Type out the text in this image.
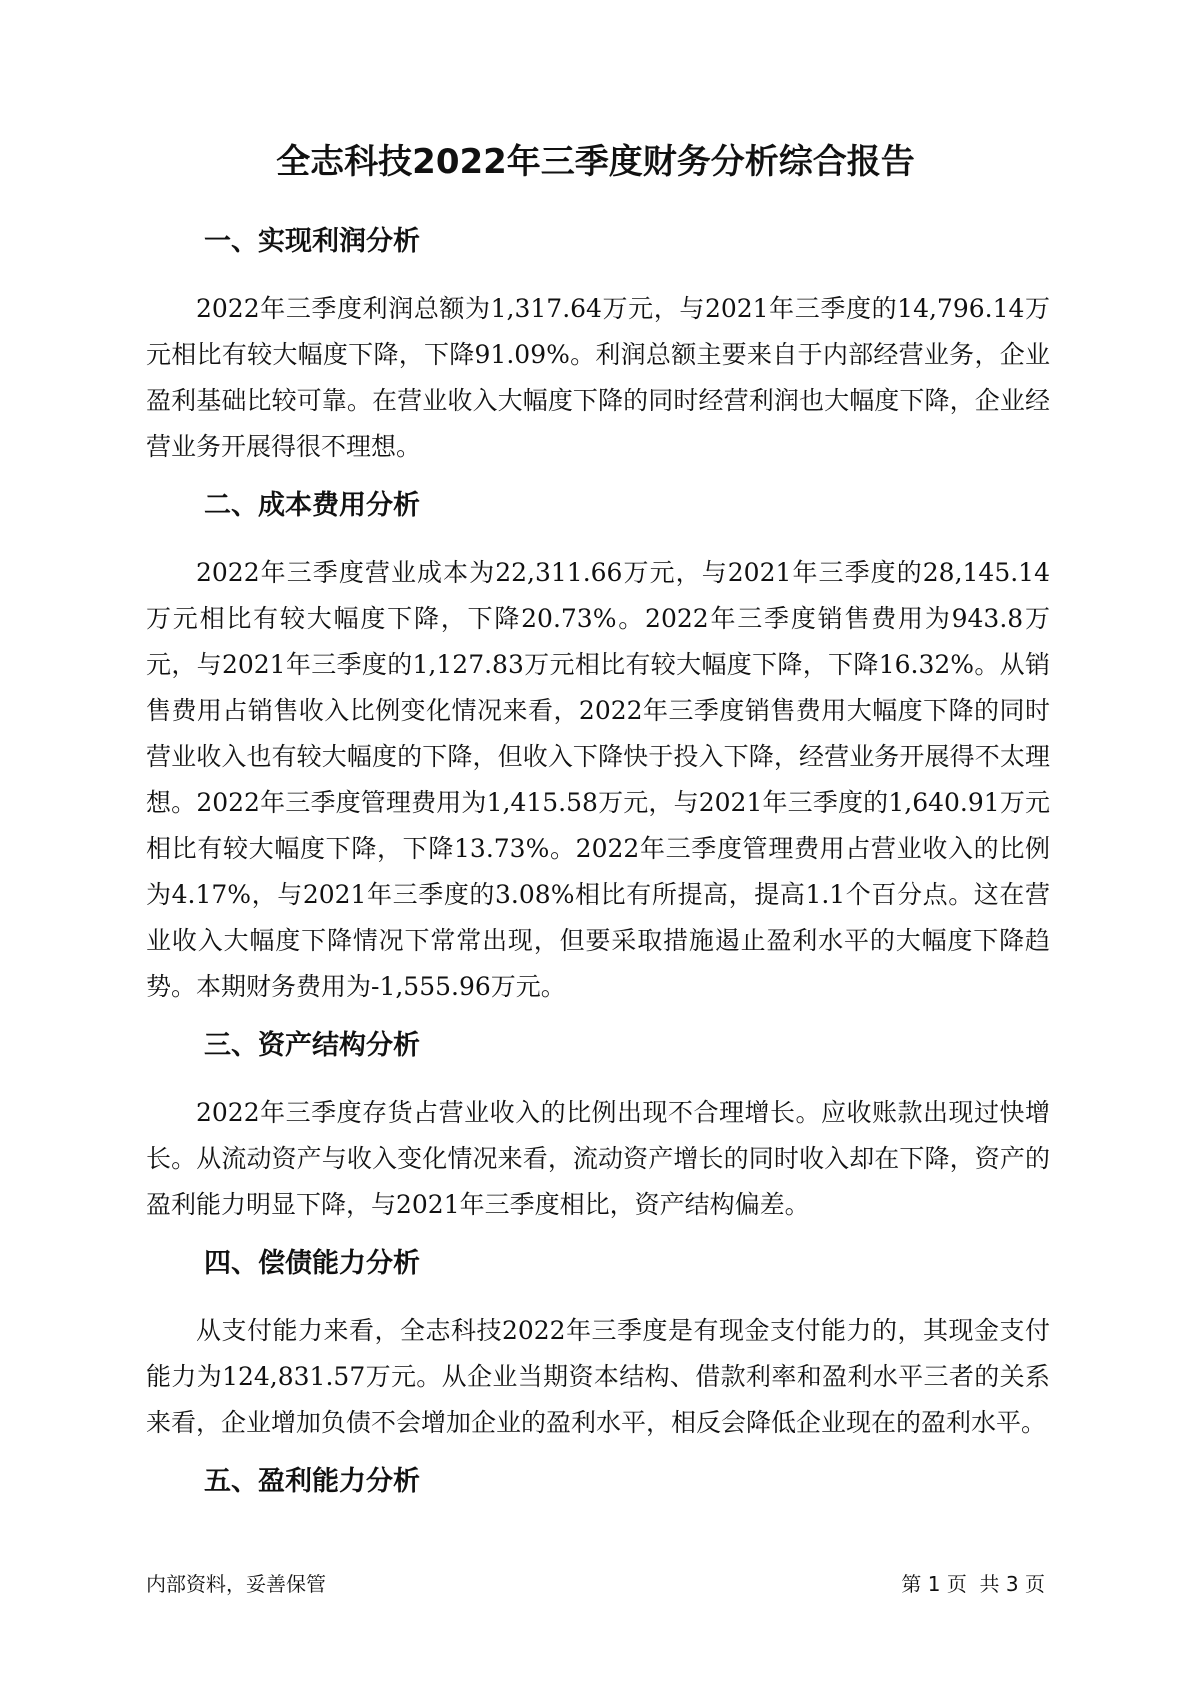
全志科技2022年三季度财务分析综合报告
一、实现利润分析

2022年三季度利润总额为1,317.64万元，与2021年三季度的14,796.14万元相比有较大幅度下降，下降91.09%。利润总额主要来自于内部经营业务，企业盈利基础比较可靠。在营业收入大幅度下降的同时经营利润也大幅度下降，企业经营业务开展得很不理想。

二、成本费用分析

2022年三季度营业成本为22,311.66万元，与2021年三季度的28,145.14万元相比有较大幅度下降，下降20.73%。2022年三季度销售费用为943.8万元，与2021年三季度的1,127.83万元相比有较大幅度下降，下降16.32%。从销售费用占销售收入比例变化情况来看，2022年三季度销售费用大幅度下降的同时营业收入也有较大幅度的下降，但收入下降快于投入下降，经营业务开展得不太理想。2022年三季度管理费用为1,415.58万元，与2021年三季度的1,640.91万元相比有较大幅度下降，下降13.73%。2022年三季度管理费用占营业收入的比例为4.17%，与2021年三季度的3.08%相比有所提高，提高1.1个百分点。这在营业收入大幅度下降情况下常常出现，但要采取措施遏止盈利水平的大幅度下降趋势。本期财务费用为-1,555.96万元。

三、资产结构分析

2022年三季度存货占营业收入的比例出现不合理增长。应收账款出现过快增长。从流动资产与收入变化情况来看，流动资产增长的同时收入却在下降，资产的盈利能力明显下降，与2021年三季度相比，资产结构偏差。

四、偿债能力分析

从支付能力来看，全志科技2022年三季度是有现金支付能力的，其现金支付能力为124,831.57万元。从企业当期资本结构、借款利率和盈利水平三者的关系来看，企业增加负债不会增加企业的盈利水平，相反会降低企业现在的盈利水平。

五、盈利能力分析
内部资料，妥善保管	第 1 页  共 3 页
